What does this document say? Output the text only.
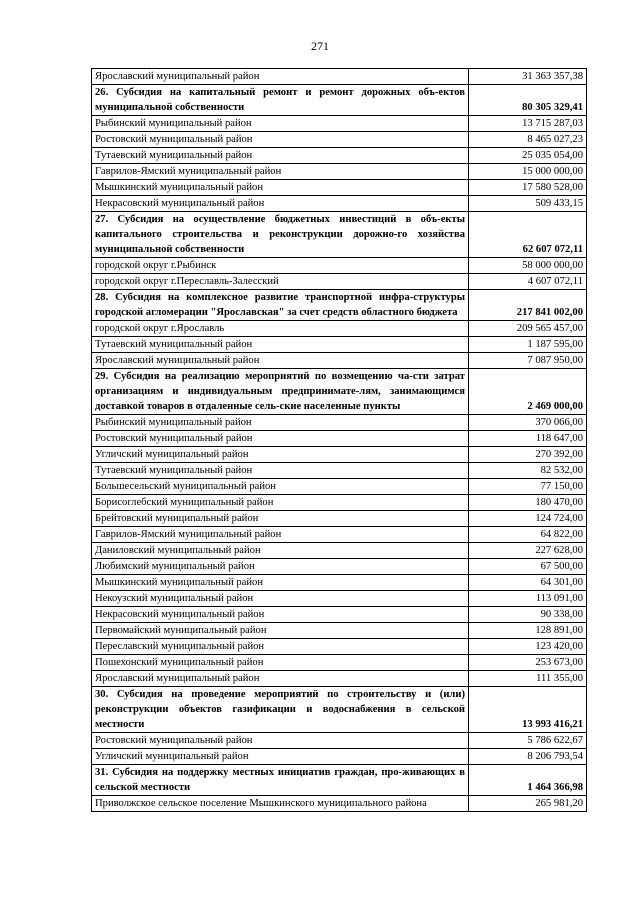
271
Ярославский муниципальный район	31 363 357,38
26. Субсидия на капитальный ремонт и ремонт дорожных объ-ектов муниципальной собственности	80 305 329,41
Рыбинский муниципальный район	13 715 287,03
Ростовский муниципальный район	8 465 027,23
Тутаевский муниципальный район	25 035 054,00
Гаврилов-Ямский муниципальный район	15 000 000,00
Мышкинский муниципальный район	17 580 528,00
Некрасовский муниципальный район	509 433,15
27. Субсидия на осуществление бюджетных инвестиций в объ-екты капитального строительства и реконструкции дорожно-го хозяйства муниципальной собственности	62 607 072,11
городской округ г.Рыбинск	58 000 000,00
городской округ г.Переславль-Залесский	4 607 072,11
28. Субсидия на комплексное развитие транспортной инфра-структуры городской агломерации "Ярославская" за счет средств областного бюджета	217 841 002,00
городской округ г.Ярославль	209 565 457,00
Тутаевский муниципальный район	1 187 595,00
Ярославский муниципальный район	7 087 950,00
29. Субсидия на реализацию мероприятий по возмещению ча-сти затрат организациям и индивидуальным предпринимате-лям, занимающимся доставкой товаров в отдаленные сель-ские населенные пункты	2 469 000,00
Рыбинский муниципальный район	370 066,00
Ростовский муниципальный район	118 647,00
Угличский муниципальный район	270 392,00
Тутаевский муниципальный район	82 532,00
Большесельский муниципальный район	77 150,00
Борисоглебский муниципальный район	180 470,00
Брейтовский муниципальный район	124 724,00
Гаврилов-Ямский муниципальный район	64 822,00
Даниловский муниципальный район	227 628,00
Любимский муниципальный район	67 500,00
Мышкинский муниципальный район	64 301,00
Некоузский муниципальный район	113 091,00
Некрасовский муниципальный район	90 338,00
Первомайский муниципальный район	128 891,00
Переславский муниципальный район	123 420,00
Пошехонский муниципальный район	253 673,00
Ярославский муниципальный район	111 355,00
30. Субсидия на проведение мероприятий по строительству и (или) реконструкции объектов газификации и водоснабжения в сельской местности	13 993 416,21
Ростовский муниципальный район	5 786 622,67
Угличский муниципальный район	8 206 793,54
31. Субсидия на поддержку местных инициатив граждан, про-живающих в сельской местности	1 464 366,98
Приволжское сельское поселение Мышкинского муниципального района	265 981,20
